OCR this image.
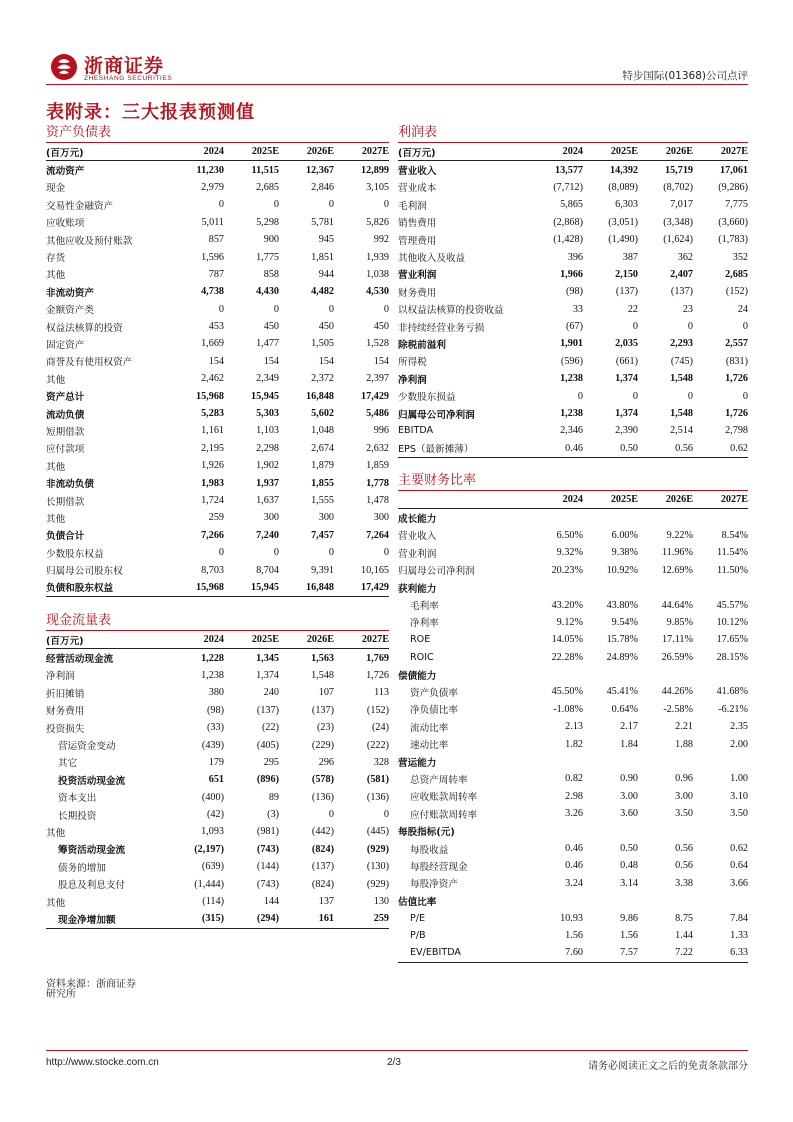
浙商证券
ZHESHANG SECURITIES	特步国际(01368)公司点评
表附录：三大报表预测值
资产负债表
(百万元)	2024	2025E	2026E	2027E
流动资产	11,230	11,515	12,367	12,899
现金	2,979	2,685	2,846	3,105
交易性金融资产	0	0	0	0
应收账项	5,011	5,298	5,781	5,826
其他应收及预付账款	857	900	945	992
存货	1,596	1,775	1,851	1,939
其他	787	858	944	1,038
非流动资产	4,738	4,430	4,482	4,530
金额资产类	0	0	0	0
权益法核算的投资	453	450	450	450
固定资产	1,669	1,477	1,505	1,528
商誉及有使用权资产	154	154	154	154
其他	2,462	2,349	2,372	2,397
资产总计	15,968	15,945	16,848	17,429
流动负债	5,283	5,303	5,602	5,486
短期借款	1,161	1,103	1,048	996
应付款项	2,195	2,298	2,674	2,632
其他	1,926	1,902	1,879	1,859
非流动负债	1,983	1,937	1,855	1,778
长期借款	1,724	1,637	1,555	1,478
其他	259	300	300	300
负债合计	7,266	7,240	7,457	7,264
少数股东权益	0	0	0	0
归属母公司股东权	8,703	8,704	9,391	10,165
负债和股东权益	15,968	15,945	16,848	17,429
现金流量表
(百万元)	2024	2025E	2026E	2027E
经营活动现金流	1,228	1,345	1,563	1,769
净利润	1,238	1,374	1,548	1,726
折旧摊销	380	240	107	113
财务费用	(98)	(137)	(137)	(152)
投资损失	(33)	(22)	(23)	(24)
营运资金变动	(439)	(405)	(229)	(222)
其它	179	295	296	328
投资活动现金流	651	(896)	(578)	(581)
资本支出	(400)	89	(136)	(136)
长期投资	(42)	(3)	0	0
其他	1,093	(981)	(442)	(445)
筹资活动现金流	(2,197)	(743)	(824)	(929)
债务的增加	(639)	(144)	(137)	(130)
股息及利息支付	(1,444)	(743)	(824)	(929)
其他	(114)	144	137	130
现金净增加额	(315)	(294)	161	259
利润表
(百万元)	2024	2025E	2026E	2027E
营业收入	13,577	14,392	15,719	17,061
营业成本	(7,712)	(8,089)	(8,702)	(9,286)
毛利润	5,865	6,303	7,017	7,775
销售费用	(2,868)	(3,051)	(3,348)	(3,660)
管理费用	(1,428)	(1,490)	(1,624)	(1,783)
其他收入及收益	396	387	362	352
营业利润	1,966	2,150	2,407	2,685
财务费用	(98)	(137)	(137)	(152)
以权益法核算的投资收益	33	22	23	24
非持续经营业务亏损	(67)	0	0	0
除税前溢利	1,901	2,035	2,293	2,557
所得税	(596)	(661)	(745)	(831)
净利润	1,238	1,374	1,548	1,726
少数股东损益	0	0	0	0
归属母公司净利润	1,238	1,374	1,548	1,726
EBITDA	2,346	2,390	2,514	2,798
EPS（最新摊薄）	0.46	0.50	0.56	0.62
主要财务比率
	2024	2025E	2026E	2027E
成长能力				
营业收入	6.50%	6.00%	9.22%	8.54%
营业利润	9.32%	9.38%	11.96%	11.54%
归属母公司净利润	20.23%	10.92%	12.69%	11.50%
获利能力				
毛利率	43.20%	43.80%	44.64%	45.57%
净利率	9.12%	9.54%	9.85%	10.12%
ROE	14.05%	15.78%	17.11%	17.65%
ROIC	22.28%	24.89%	26.59%	28.15%
偿债能力				
资产负债率	45.50%	45.41%	44.26%	41.68%
净负债比率	-1.08%	0.64%	-2.58%	-6.21%
流动比率	2.13	2.17	2.21	2.35
速动比率	1.82	1.84	1.88	2.00
营运能力				
总资产周转率	0.82	0.90	0.96	1.00
应收账款周转率	2.98	3.00	3.00	3.10
应付账款周转率	3.26	3.60	3.50	3.50
每股指标(元)				
每股收益	0.46	0.50	0.56	0.62
每股经营现金	0.46	0.48	0.56	0.64
每股净资产	3.24	3.14	3.38	3.66
估值比率				
P/E	10.93	9.86	8.75	7.84
P/B	1.56	1.56	1.44	1.33
EV/EBITDA	7.60	7.57	7.22	6.33
资料来源：浙商证券
研究所
http://www.stocke.com.cn	2/3	请务必阅读正文之后的免责条款部分
